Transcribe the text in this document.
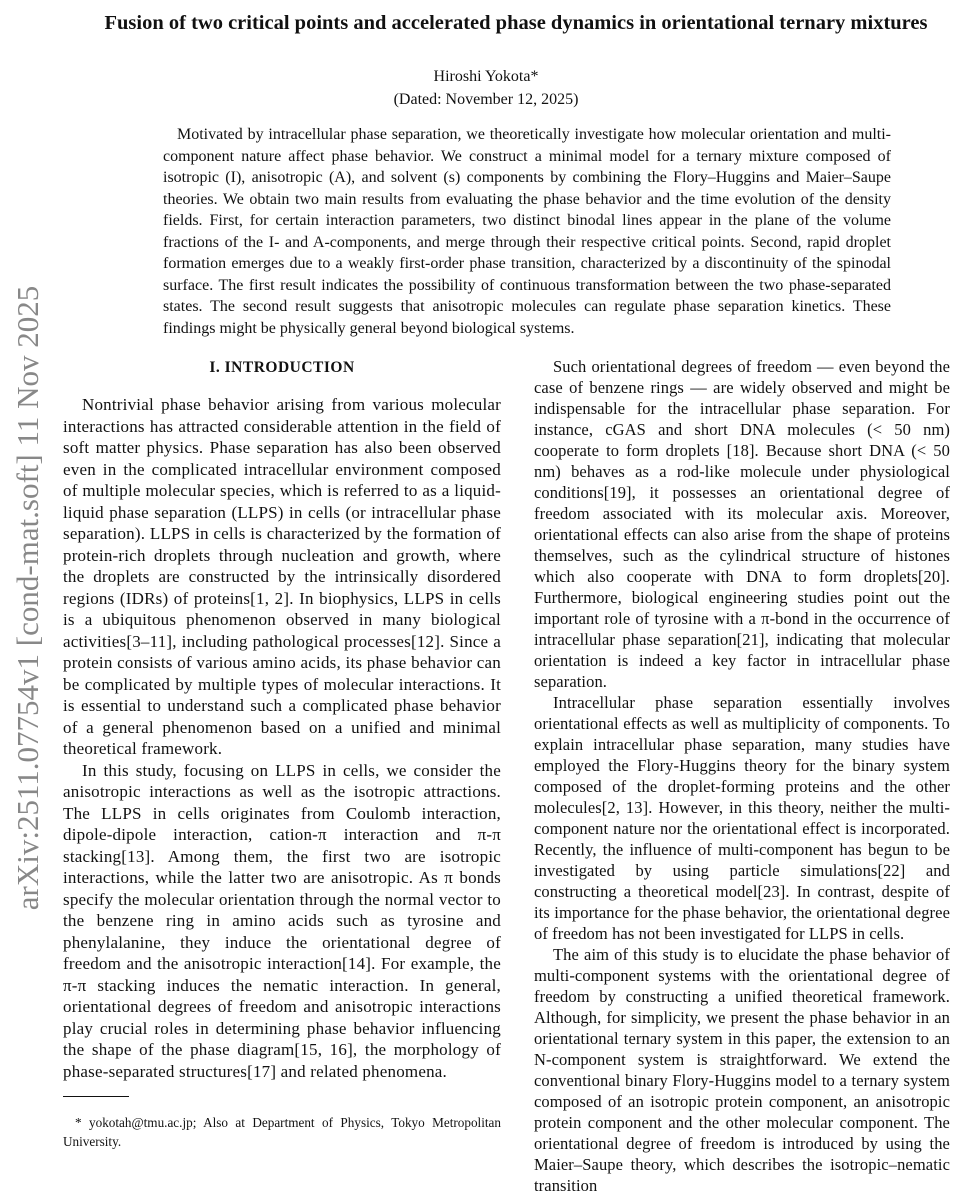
Fusion of two critical points and accelerated phase dynamics in orientational ternary mixtures
Hiroshi Yokota*
(Dated: November 12, 2025)
Motivated by intracellular phase separation, we theoretically investigate how molecular orientation and multi-component nature affect phase behavior. We construct a minimal model for a ternary mixture composed of isotropic (I), anisotropic (A), and solvent (s) components by combining the Flory–Huggins and Maier–Saupe theories. We obtain two main results from evaluating the phase behavior and the time evolution of the density fields. First, for certain interaction parameters, two distinct binodal lines appear in the plane of the volume fractions of the I- and A-components, and merge through their respective critical points. Second, rapid droplet formation emerges due to a weakly first-order phase transition, characterized by a discontinuity of the spinodal surface. The first result indicates the possibility of continuous transformation between the two phase-separated states. The second result suggests that anisotropic molecules can regulate phase separation kinetics. These findings might be physically general beyond biological systems.
arXiv:2511.07754v1 [cond-mat.soft] 11 Nov 2025	I. INTRODUCTION

Nontrivial phase behavior arising from various molecular interactions has attracted considerable attention in the field of soft matter physics. Phase separation has also been observed even in the complicated intracellular environment composed of multiple molecular species, which is referred to as a liquid-liquid phase separation (LLPS) in cells (or intracellular phase separation). LLPS in cells is characterized by the formation of protein-rich droplets through nucleation and growth, where the droplets are constructed by the intrinsically disordered regions (IDRs) of proteins[1, 2]. In biophysics, LLPS in cells is a ubiquitous phenomenon observed in many biological activities[3–11], including pathological processes[12]. Since a protein consists of various amino acids, its phase behavior can be complicated by multiple types of molecular interactions. It is essential to understand such a complicated phase behavior of a general phenomenon based on a unified and minimal theoretical framework.

In this study, focusing on LLPS in cells, we consider the anisotropic interactions as well as the isotropic attractions. The LLPS in cells originates from Coulomb interaction, dipole-dipole interaction, cation-π interaction and π-π stacking[13]. Among them, the first two are isotropic interactions, while the latter two are anisotropic. As π bonds specify the molecular orientation through the normal vector to the benzene ring in amino acids such as tyrosine and phenylalanine, they induce the orientational degree of freedom and the anisotropic interaction[14]. For example, the π-π stacking induces the nematic interaction. In general, orientational degrees of freedom and anisotropic interactions play crucial roles in determining phase behavior influencing the shape of the phase diagram[15, 16], the morphology of phase-separated structures[17] and related phenomena.

* yokotah@tmu.ac.jp; Also at Department of Physics, Tokyo Metropolitan University.

Such orientational degrees of freedom — even beyond the case of benzene rings — are widely observed and might be indispensable for the intracellular phase separation. For instance, cGAS and short DNA molecules (< 50 nm) cooperate to form droplets [18]. Because short DNA (< 50 nm) behaves as a rod-like molecule under physiological conditions[19], it possesses an orientational degree of freedom associated with its molecular axis. Moreover, orientational effects can also arise from the shape of proteins themselves, such as the cylindrical structure of histones which also cooperate with DNA to form droplets[20]. Furthermore, biological engineering studies point out the important role of tyrosine with a π-bond in the occurrence of intracellular phase separation[21], indicating that molecular orientation is indeed a key factor in intracellular phase separation.

Intracellular phase separation essentially involves orientational effects as well as multiplicity of components. To explain intracellular phase separation, many studies have employed the Flory-Huggins theory for the binary system composed of the droplet-forming proteins and the other molecules[2, 13]. However, in this theory, neither the multi-component nature nor the orientational effect is incorporated. Recently, the influence of multi-component has begun to be investigated by using particle simulations[22] and constructing a theoretical model[23]. In contrast, despite of its importance for the phase behavior, the orientational degree of freedom has not been investigated for LLPS in cells.

The aim of this study is to elucidate the phase behavior of multi-component systems with the orientational degree of freedom by constructing a unified theoretical framework. Although, for simplicity, we present the phase behavior in an orientational ternary system in this paper, the extension to an N-component system is straightforward. We extend the conventional binary Flory-Huggins model to a ternary system composed of an isotropic protein component, an anisotropic protein component and the other molecular component. The orientational degree of freedom is introduced by using the Maier–Saupe theory, which describes the isotropic–nematic transition
